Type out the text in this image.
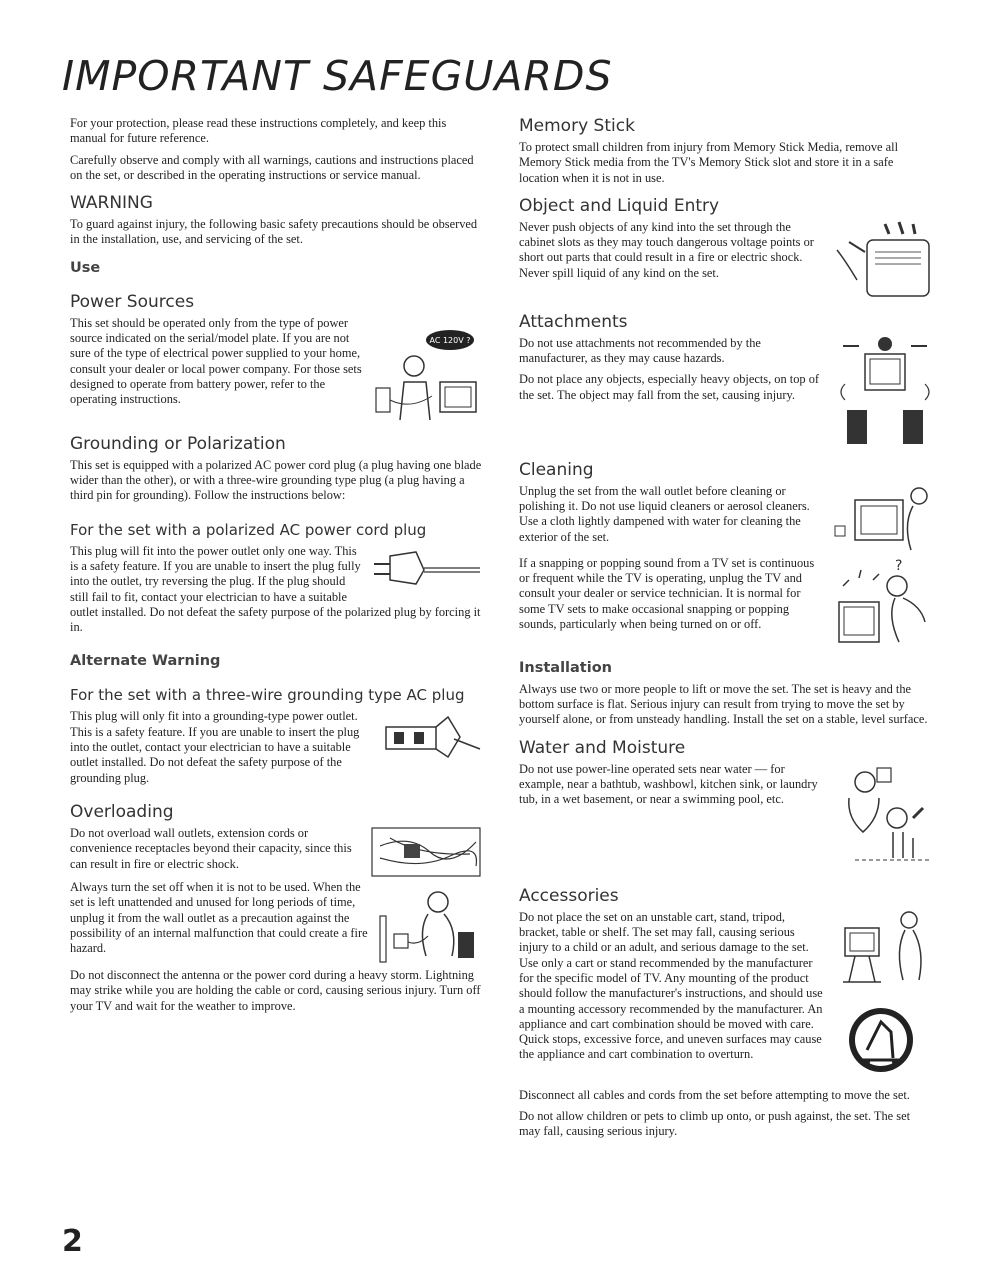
IMPORTANT SAFEGUARDS

For your protection, please read these instructions completely, and keep this manual for future reference.

Carefully observe and comply with all warnings, cautions and instructions placed on the set, or described in the operating instructions or service manual.

WARNING

To guard against injury, the following basic safety precautions should be observed in the installation, use, and servicing of the set.

Use
Power Sources
AC 120V ?

This set should be operated only from the type of power source indicated on the serial/model plate. If you are not sure of the type of electrical power supplied to your home, consult your dealer or local power company. For those sets designed to operate from battery power, refer to the operating instructions.

Grounding or Polarization

This set is equipped with a polarized AC power cord plug (a plug having one blade wider than the other), or with a three-wire grounding type plug (a plug having a third pin for grounding). Follow the instructions below:

For the set with a polarized AC power cord plug

This plug will fit into the power outlet only one way. This is a safety feature. If you are unable to insert the plug fully into the outlet, try reversing the plug. If the plug should still fail to fit, contact your electrician to have a suitable outlet installed. Do not defeat the safety purpose of the polarized plug by forcing it in.

Alternate Warning
For the set with a three-wire grounding type AC plug

This plug will only fit into a grounding-type power outlet. This is a safety feature. If you are unable to insert the plug into the outlet, contact your electrician to have a suitable outlet installed. Do not defeat the safety purpose of the grounding plug.

Overloading

Do not overload wall outlets, extension cords or convenience receptacles beyond their capacity, since this can result in fire or electric shock.

Always turn the set off when it is not to be used. When the set is left unattended and unused for long periods of time, unplug it from the wall outlet as a precaution against the possibility of an internal malfunction that could create a fire hazard.

Do not disconnect the antenna or the power cord during a heavy storm. Lightning may strike while you are holding the cable or cord, causing serious injury. Turn off your TV and wait for the weather to improve.

Memory Stick

To protect small children from injury from Memory Stick Media, remove all Memory Stick media from the TV's Memory Stick slot and store it in a safe location when it is not in use.

Object and Liquid Entry

Never push objects of any kind into the set through the cabinet slots as they may touch dangerous voltage points or short out parts that could result in a fire or electric shock. Never spill liquid of any kind on the set.

Attachments

Do not use attachments not recommended by the manufacturer, as they may cause hazards.

Do not place any objects, especially heavy objects, on top of the set. The object may fall from the set, causing injury.

Cleaning

Unplug the set from the wall outlet before cleaning or polishing it. Do not use liquid cleaners or aerosol cleaners. Use a cloth lightly dampened with water for cleaning the exterior of the set.

?

If a snapping or popping sound from a TV set is continuous or frequent while the TV is operating, unplug the TV and consult your dealer or service technician. It is normal for some TV sets to make occasional snapping or popping sounds, particularly when being turned on or off.

Installation

Always use two or more people to lift or move the set. The set is heavy and the bottom surface is flat. Serious injury can result from trying to move the set by yourself alone, or from unsteady handling. Install the set on a stable, level surface.

Water and Moisture

Do not use power-line operated sets near water — for example, near a bathtub, washbowl, kitchen sink, or laundry tub, in a wet basement, or near a swimming pool, etc.

Accessories

Do not place the set on an unstable cart, stand, tripod, bracket, table or shelf. The set may fall, causing serious injury to a child or an adult, and serious damage to the set. Use only a cart or stand recommended by the manufacturer for the specific model of TV. Any mounting of the product should follow the manufacturer's instructions, and should use a mounting accessory recommended by the manufacturer. An appliance and cart combination should be moved with care. Quick stops, excessive force, and uneven surfaces may cause the appliance and cart combination to overturn.

Disconnect all cables and cords from the set before attempting to move the set.

Do not allow children or pets to climb up onto, or push against, the set. The set may fall, causing serious injury.

2
